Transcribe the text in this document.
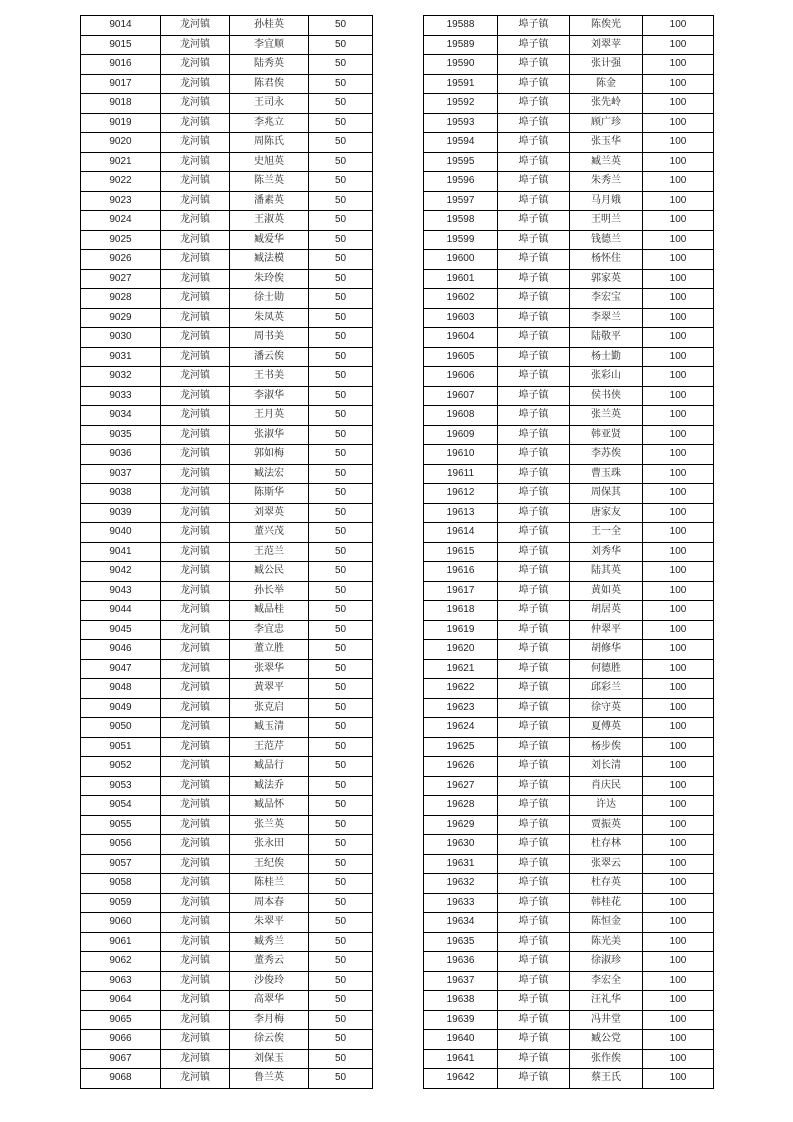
9014	龙河镇	孙桂英	50
9015	龙河镇	李宜顺	50
9016	龙河镇	陆秀英	50
9017	龙河镇	陈君俟	50
9018	龙河镇	王司永	50
9019	龙河镇	李兆立	50
9020	龙河镇	周陈氏	50
9021	龙河镇	史旭英	50
9022	龙河镇	陈兰英	50
9023	龙河镇	潘素英	50
9024	龙河镇	王淑英	50
9025	龙河镇	臧爱华	50
9026	龙河镇	臧法模	50
9027	龙河镇	朱玲俟	50
9028	龙河镇	徐士勋	50
9029	龙河镇	朱凤英	50
9030	龙河镇	周书美	50
9031	龙河镇	潘云俟	50
9032	龙河镇	王书美	50
9033	龙河镇	李淑华	50
9034	龙河镇	王月英	50
9035	龙河镇	张淑华	50
9036	龙河镇	郭如梅	50
9037	龙河镇	臧法宏	50
9038	龙河镇	陈斯华	50
9039	龙河镇	刘翠英	50
9040	龙河镇	董兴茂	50
9041	龙河镇	王范兰	50
9042	龙河镇	臧公民	50
9043	龙河镇	孙长举	50
9044	龙河镇	臧品桂	50
9045	龙河镇	李宜忠	50
9046	龙河镇	董立胜	50
9047	龙河镇	张翠华	50
9048	龙河镇	黄翠平	50
9049	龙河镇	张克启	50
9050	龙河镇	臧玉清	50
9051	龙河镇	王范芹	50
9052	龙河镇	臧品行	50
9053	龙河镇	臧法乔	50
9054	龙河镇	臧品怀	50
9055	龙河镇	张兰英	50
9056	龙河镇	张永田	50
9057	龙河镇	王纪俟	50
9058	龙河镇	陈桂兰	50
9059	龙河镇	周本春	50
9060	龙河镇	朱翠平	50
9061	龙河镇	臧秀兰	50
9062	龙河镇	董秀云	50
9063	龙河镇	沙俊玲	50
9064	龙河镇	高翠华	50
9065	龙河镇	李月梅	50
9066	龙河镇	徐云俟	50
9067	龙河镇	刘保玉	50
9068	龙河镇	鲁兰英	50
19588	埠子镇	陈俟光	100
19589	埠子镇	刘翠苹	100
19590	埠子镇	张计强	100
19591	埠子镇	陈金	100
19592	埠子镇	张先岭	100
19593	埠子镇	顾广珍	100
19594	埠子镇	张玉华	100
19595	埠子镇	臧兰英	100
19596	埠子镇	朱秀兰	100
19597	埠子镇	马月娥	100
19598	埠子镇	王明兰	100
19599	埠子镇	钱德兰	100
19600	埠子镇	杨怀住	100
19601	埠子镇	郭家英	100
19602	埠子镇	李宏宝	100
19603	埠子镇	李翠兰	100
19604	埠子镇	陆敬平	100
19605	埠子镇	杨士勤	100
19606	埠子镇	张彩山	100
19607	埠子镇	侯书侠	100
19608	埠子镇	张兰英	100
19609	埠子镇	韩亚贤	100
19610	埠子镇	李苏俟	100
19611	埠子镇	曹玉珠	100
19612	埠子镇	周保其	100
19613	埠子镇	唐家友	100
19614	埠子镇	王一全	100
19615	埠子镇	刘秀华	100
19616	埠子镇	陆其英	100
19617	埠子镇	黄如英	100
19618	埠子镇	胡居英	100
19619	埠子镇	仲翠平	100
19620	埠子镇	胡修华	100
19621	埠子镇	何德胜	100
19622	埠子镇	邱彩兰	100
19623	埠子镇	徐守英	100
19624	埠子镇	夏傅英	100
19625	埠子镇	杨步俟	100
19626	埠子镇	刘长清	100
19627	埠子镇	肖庆民	100
19628	埠子镇	许达	100
19629	埠子镇	贾振英	100
19630	埠子镇	杜存林	100
19631	埠子镇	张翠云	100
19632	埠子镇	杜存英	100
19633	埠子镇	韩桂花	100
19634	埠子镇	陈恒金	100
19635	埠子镇	陈光美	100
19636	埠子镇	徐淑珍	100
19637	埠子镇	李宏全	100
19638	埠子镇	汪礼华	100
19639	埠子镇	冯井堂	100
19640	埠子镇	臧公党	100
19641	埠子镇	张作俟	100
19642	埠子镇	蔡王氏	100
